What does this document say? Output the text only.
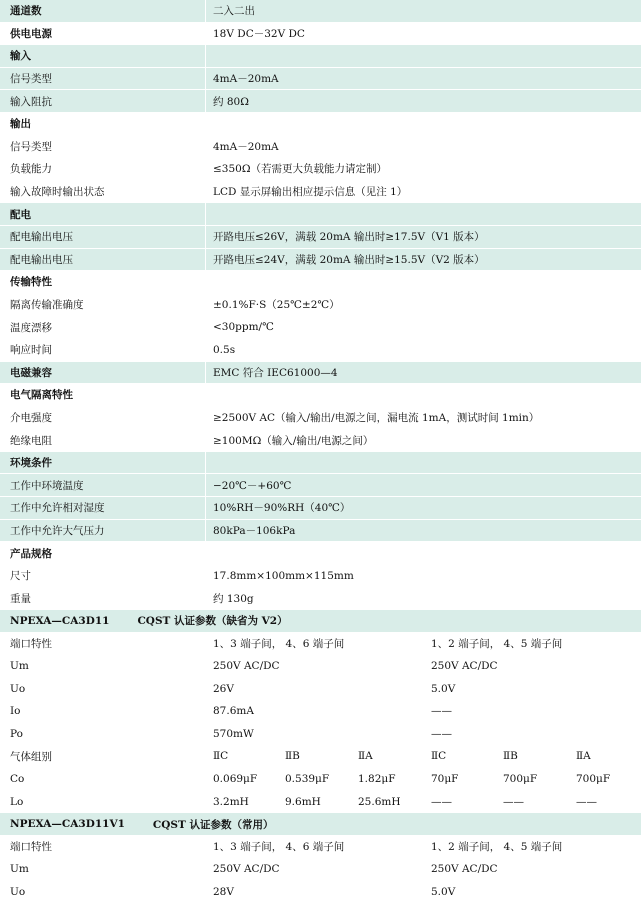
通道数	二入二出
供电电源	18V DC－32V DC
输入
信号类型	4mA－20mA
输入阻抗	约 80Ω
输出
信号类型	4mA－20mA
负载能力	≤350Ω（若需更大负载能力请定制）
输入故障时输出状态	LCD 显示屏输出相应提示信息（见注 1）
配电
配电输出电压	开路电压≤26V，满载 20mA 输出时≥17.5V（V1 版本）
配电输出电压	开路电压≤24V，满载 20mA 输出时≥15.5V（V2 版本）
传输特性
隔离传输准确度	±0.1%F·S（25℃±2℃）
温度漂移	<30ppm/℃
响应时间	0.5s
电磁兼容	EMC 符合 IEC61000—4
电气隔离特性
介电强度	≥2500V AC（输入/输出/电源之间，漏电流 1mA，测试时间 1min）
绝缘电阻	≥100MΩ（输入/输出/电源之间）
环境条件
工作中环境温度	−20℃－+60℃
工作中允许相对湿度	10%RH－90%RH（40℃）
工作中允许大气压力	80kPa－106kPa
产品规格
尺寸	17.8mm×100mm×115mm
重量	约 130g
NPEXA—CA3D11	CQST 认证参数（缺省为 V2）
端口特性	1、3 端子间， 4、6 端子间	1、2 端子间， 4、5 端子间
Um	250V AC/DC	250V AC/DC
Uo	26V	5.0V
Io	87.6mA	——
Po	570mW	——
气体组别	ⅡC	ⅡB	ⅡA	ⅡC	ⅡB	ⅡA
Co	0.069μF	0.539μF	1.82μF	70μF	700μF	700μF
Lo	3.2mH	9.6mH	25.6mH	——	——	——
NPEXA—CA3D11V1	CQST 认证参数（常用）
端口特性	1、3 端子间， 4、6 端子间	1、2 端子间， 4、5 端子间
Um	250V AC/DC	250V AC/DC
Uo	28V	5.0V
